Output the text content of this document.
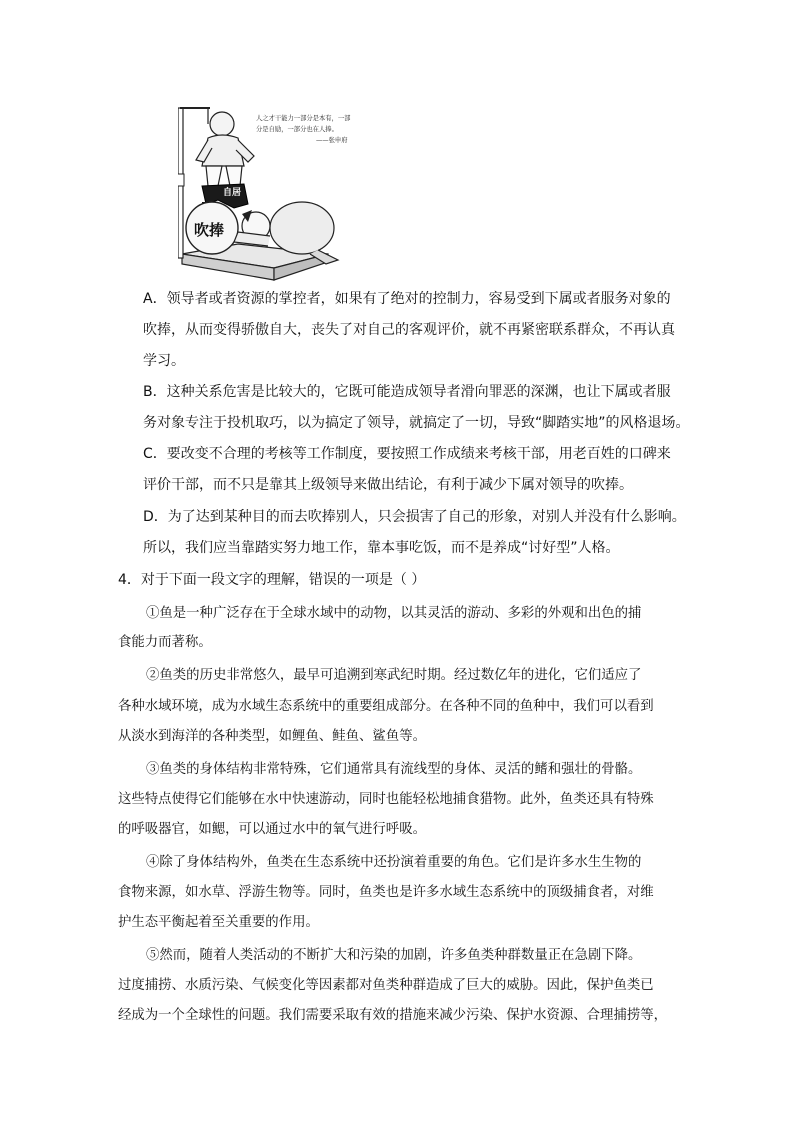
人之才干能力一部分是本有，一部
分是自励，一部分也在人捧。

——张申府
自居
吹捧
A．领导者或者资源的掌控者，如果有了绝对的控制力，容易受到下属或者服务对象的
吹捧，从而变得骄傲自大，丧失了对自己的客观评价，就不再紧密联系群众，不再认真
学习。
B．这种关系危害是比较大的，它既可能造成领导者滑向罪恶的深渊，也让下属或者服
务对象专注于投机取巧，以为搞定了领导，就搞定了一切，导致“脚踏实地”的风格退场。
C．要改变不合理的考核等工作制度，要按照工作成绩来考核干部，用老百姓的口碑来
评价干部，而不只是靠其上级领导来做出结论，有利于减少下属对领导的吹捧。
D．为了达到某种目的而去吹捧别人，只会损害了自己的形象，对别人并没有什么影响。
所以，我们应当靠踏实努力地工作，靠本事吃饭，而不是养成“讨好型”人格。
4．对于下面一段文字的理解，错误的一项是（ ）
①鱼是一种广泛存在于全球水域中的动物，以其灵活的游动、多彩的外观和出色的捕
食能力而著称。
②鱼类的历史非常悠久，最早可追溯到寒武纪时期。经过数亿年的进化，它们适应了
各种水域环境，成为水域生态系统中的重要组成部分。在各种不同的鱼种中，我们可以看到
从淡水到海洋的各种类型，如鲤鱼、鲑鱼、鲨鱼等。
③鱼类的身体结构非常特殊，它们通常具有流线型的身体、灵活的鳍和强壮的骨骼。
这些特点使得它们能够在水中快速游动，同时也能轻松地捕食猎物。此外，鱼类还具有特殊
的呼吸器官，如鳃，可以通过水中的氧气进行呼吸。
④除了身体结构外，鱼类在生态系统中还扮演着重要的角色。它们是许多水生生物的
食物来源，如水草、浮游生物等。同时，鱼类也是许多水域生态系统中的顶级捕食者，对维
护生态平衡起着至关重要的作用。
⑤然而，随着人类活动的不断扩大和污染的加剧，许多鱼类种群数量正在急剧下降。
过度捕捞、水质污染、气候变化等因素都对鱼类种群造成了巨大的威胁。因此，保护鱼类已
经成为一个全球性的问题。我们需要采取有效的措施来减少污染、保护水资源、合理捕捞等，
